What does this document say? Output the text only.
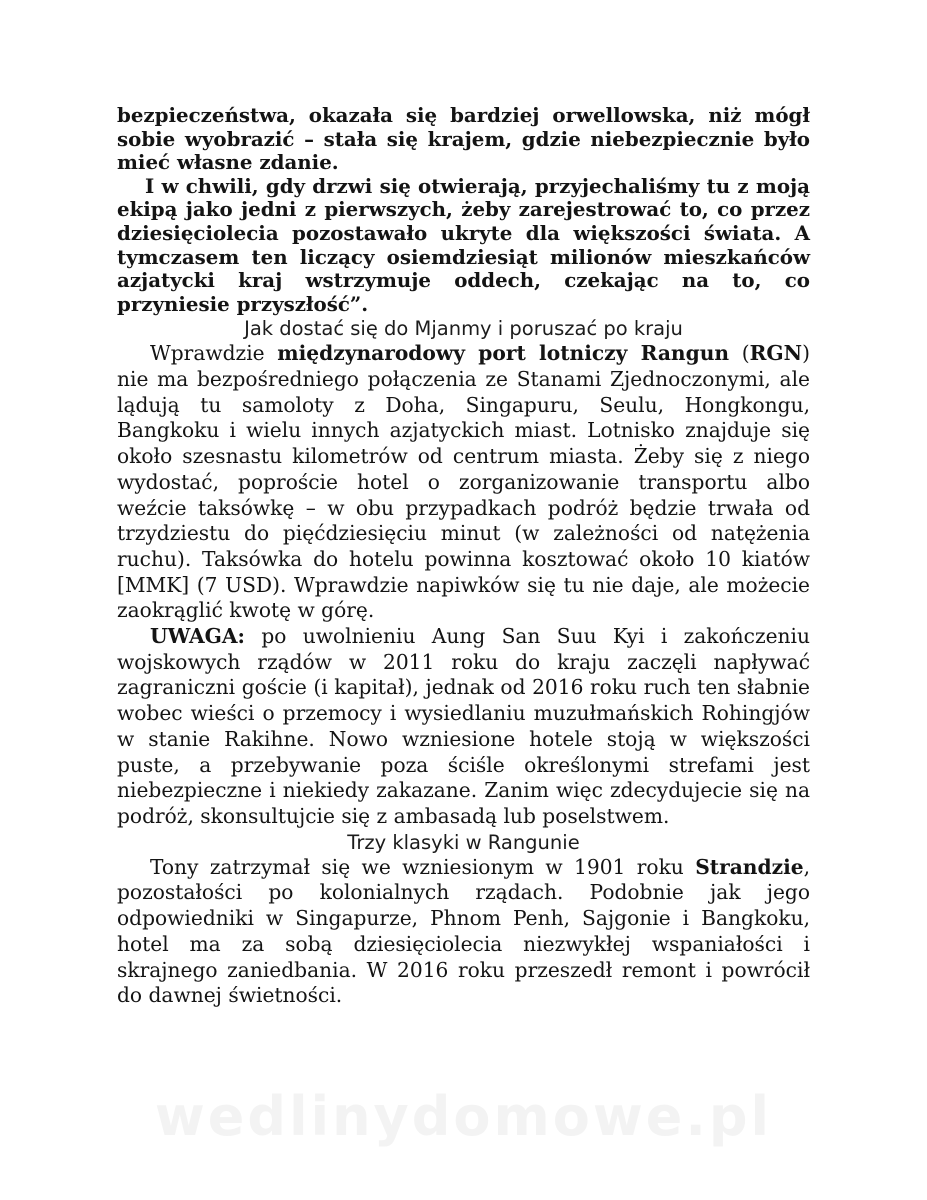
bezpieczeństwa, okazała się bardziej orwellowska, niż mógł sobie wyobrazić – stała się krajem, gdzie niebezpiecznie było mieć własne zdanie.

I w chwili, gdy drzwi się otwierają, przyjechaliśmy tu z moją ekipą jako jedni z pierwszych, żeby zarejestrować to, co przez dziesięciolecia pozostawało ukryte dla większości świata. A tymczasem ten liczący osiemdziesiąt milionów mieszkańców azjatycki kraj wstrzymuje oddech, czekając na to, co przyniesie przyszłość”.

Jak dostać się do Mjanmy i poruszać po kraju

Wprawdzie międzynarodowy port lotniczy Rangun (RGN) nie ma bezpośredniego połączenia ze Stanami Zjednoczonymi, ale lądują tu samoloty z Doha, Singapuru, Seulu, Hongkongu, Bangkoku i wielu innych azjatyckich miast. Lotnisko znajduje się około szesnastu kilometrów od centrum miasta. Żeby się z niego wydostać, poproście hotel o zorganizowanie transportu albo weźcie taksówkę – w obu przypadkach podróż będzie trwała od trzydziestu do pięćdziesięciu minut (w zależności od natężenia ruchu). Taksówka do hotelu powinna kosztować około 10 kiatów [MMK] (7 USD). Wprawdzie napiwków się tu nie daje, ale możecie zaokrąglić kwotę w górę.

UWAGA: po uwolnieniu Aung San Suu Kyi i zakończeniu wojskowych rządów w 2011 roku do kraju zaczęli napływać zagraniczni goście (i kapitał), jednak od 2016 roku ruch ten słabnie wobec wieści o przemocy i wysiedlaniu muzułmańskich Rohingjów w stanie Rakihne. Nowo wzniesione hotele stoją w większości puste, a przebywanie poza ściśle określonymi strefami jest niebezpieczne i niekiedy zakazane. Zanim więc zdecydujecie się na podróż, skonsultujcie się z ambasadą lub poselstwem.

Trzy klasyki w Rangunie

Tony zatrzymał się we wzniesionym w 1901 roku Strandzie, pozostałości po kolonialnych rządach. Podobnie jak jego odpowiedniki w Singapurze, Phnom Penh, Sajgonie i Bangkoku, hotel ma za sobą dziesięciolecia niezwykłej wspaniałości i skrajnego zaniedbania. W 2016 roku przeszedł remont i powrócił do dawnej świetności.

wedlinydomowe.pl
